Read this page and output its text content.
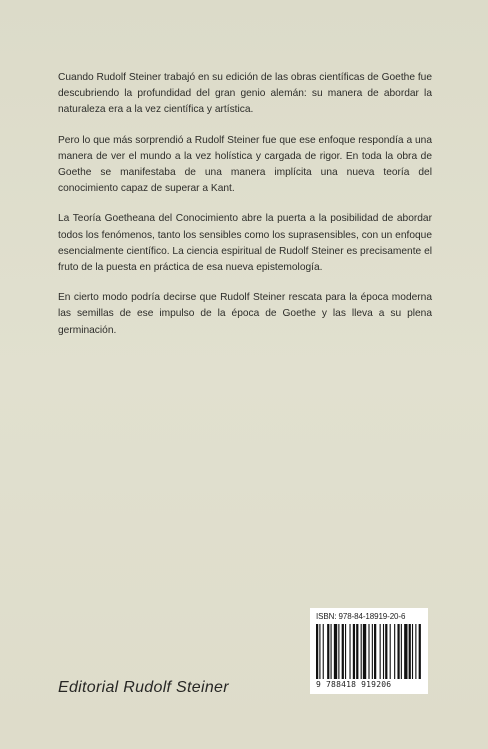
Cuando Rudolf Steiner trabajó en su edición de las obras científicas de Goethe fue descubriendo la profundidad del gran genio alemán: su manera de abordar la naturaleza era a la vez científica y artística.

Pero lo que más sorprendió a Rudolf Steiner fue que ese enfoque respondía a una manera de ver el mundo a la vez holística y cargada de rigor. En toda la obra de Goethe se manifestaba de una manera implícita una nueva teoría del conocimiento capaz de superar a Kant.

La Teoría Goetheana del Conocimiento abre la puerta a la posibilidad de abordar todos los fenómenos, tanto los sensibles como los suprasensibles, con un enfoque esencialmente científico. La ciencia espiritual de Rudolf Steiner es precisamente el fruto de la puesta en práctica de esa nueva epistemología.

En cierto modo podría decirse que Rudolf Steiner rescata para la época moderna las semillas de ese impulso de la época de Goethe y las lleva a su plena germinación.

ISBN: 978-84-18919-20-6
9 788418 919206
Editorial Rudolf Steiner
